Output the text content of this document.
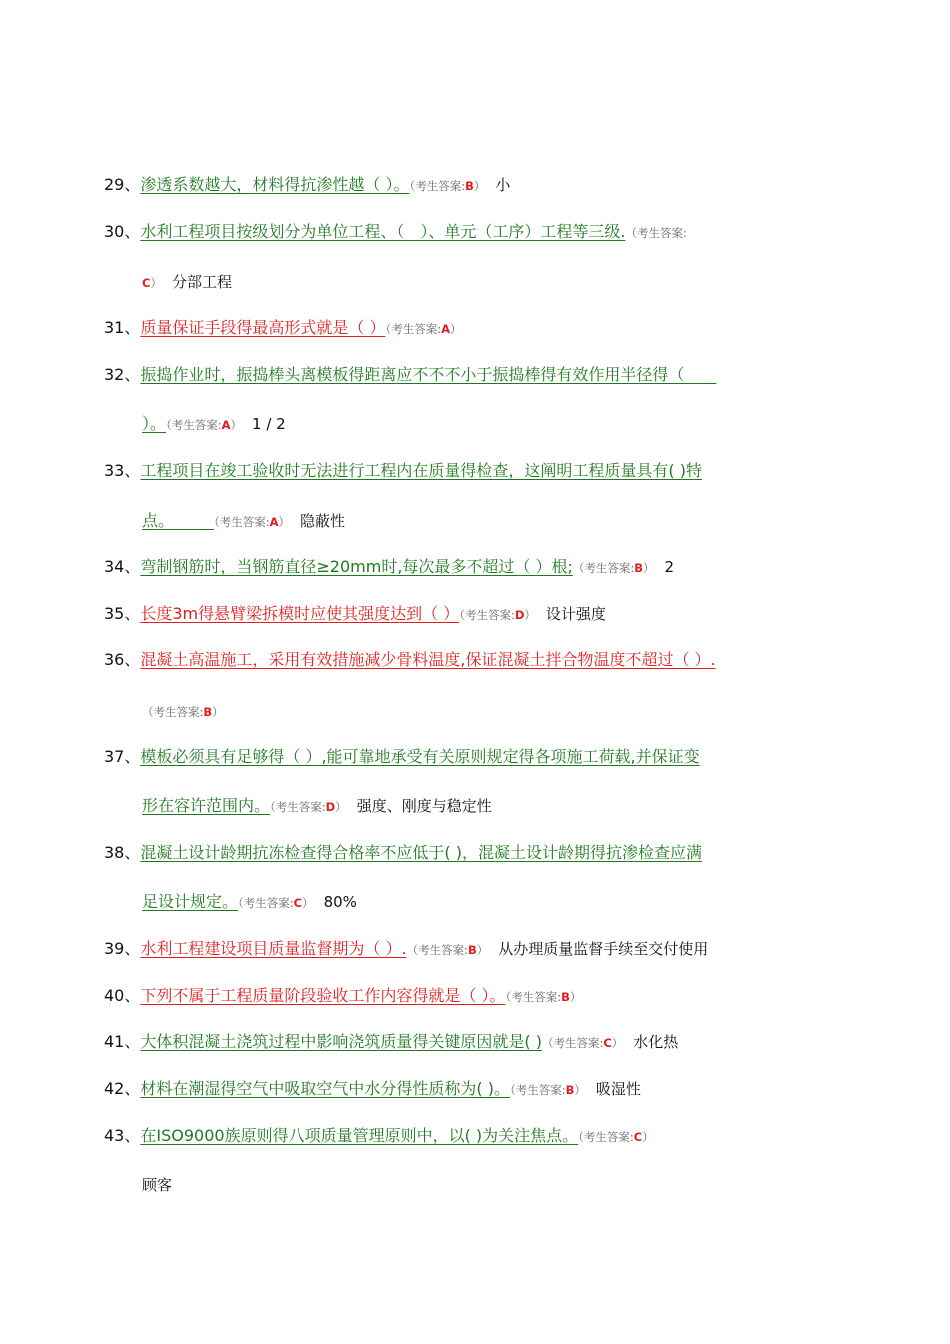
29、渗透系数越大，材料得抗渗性越（ ）。（考生答案:B） 小
30、水利工程项目按级划分为单位工程、（　）、单元（工序）工程等三级.（考生答案:
C） 分部工程
31、质量保证手段得最高形式就是（ ）（考生答案:A）
32、振捣作业时，振捣棒头离模板得距离应不不不小于振捣棒得有效作用半径得（　　
）。（考生答案:A） 1 / 2
33、工程项目在竣工验收时无法进行工程内在质量得检查，这阐明工程质量具有( )特
点。　　　（考生答案:A） 隐蔽性
34、弯制钢筋时，当钢筋直径≥20mm时,每次最多不超过（ ）根;（考生答案:B） 2
35、长度3m得悬臂梁拆模时应使其强度达到（ ）（考生答案:D） 设计强度
36、混凝土高温施工，采用有效措施减少骨料温度,保证混凝土拌合物温度不超过（ ）.
（考生答案:B）
37、模板必须具有足够得（ ）,能可靠地承受有关原则规定得各项施工荷载,并保证变
形在容许范围内。（考生答案:D） 强度、刚度与稳定性
38、混凝土设计龄期抗冻检查得合格率不应低于( )，混凝土设计龄期得抗渗检查应满
足设计规定。（考生答案:C） 80%
39、水利工程建设项目质量监督期为（ ）.（考生答案:B） 从办理质量监督手续至交付使用
40、下列不属于工程质量阶段验收工作内容得就是（ ）。（考生答案:B）
41、大体积混凝土浇筑过程中影响浇筑质量得关键原因就是( )（考生答案:C） 水化热
42、材料在潮湿得空气中吸取空气中水分得性质称为( )。（考生答案:B） 吸湿性
43、在ISO9000族原则得八项质量管理原则中，以( )为关注焦点。（考生答案:C）
顾客
